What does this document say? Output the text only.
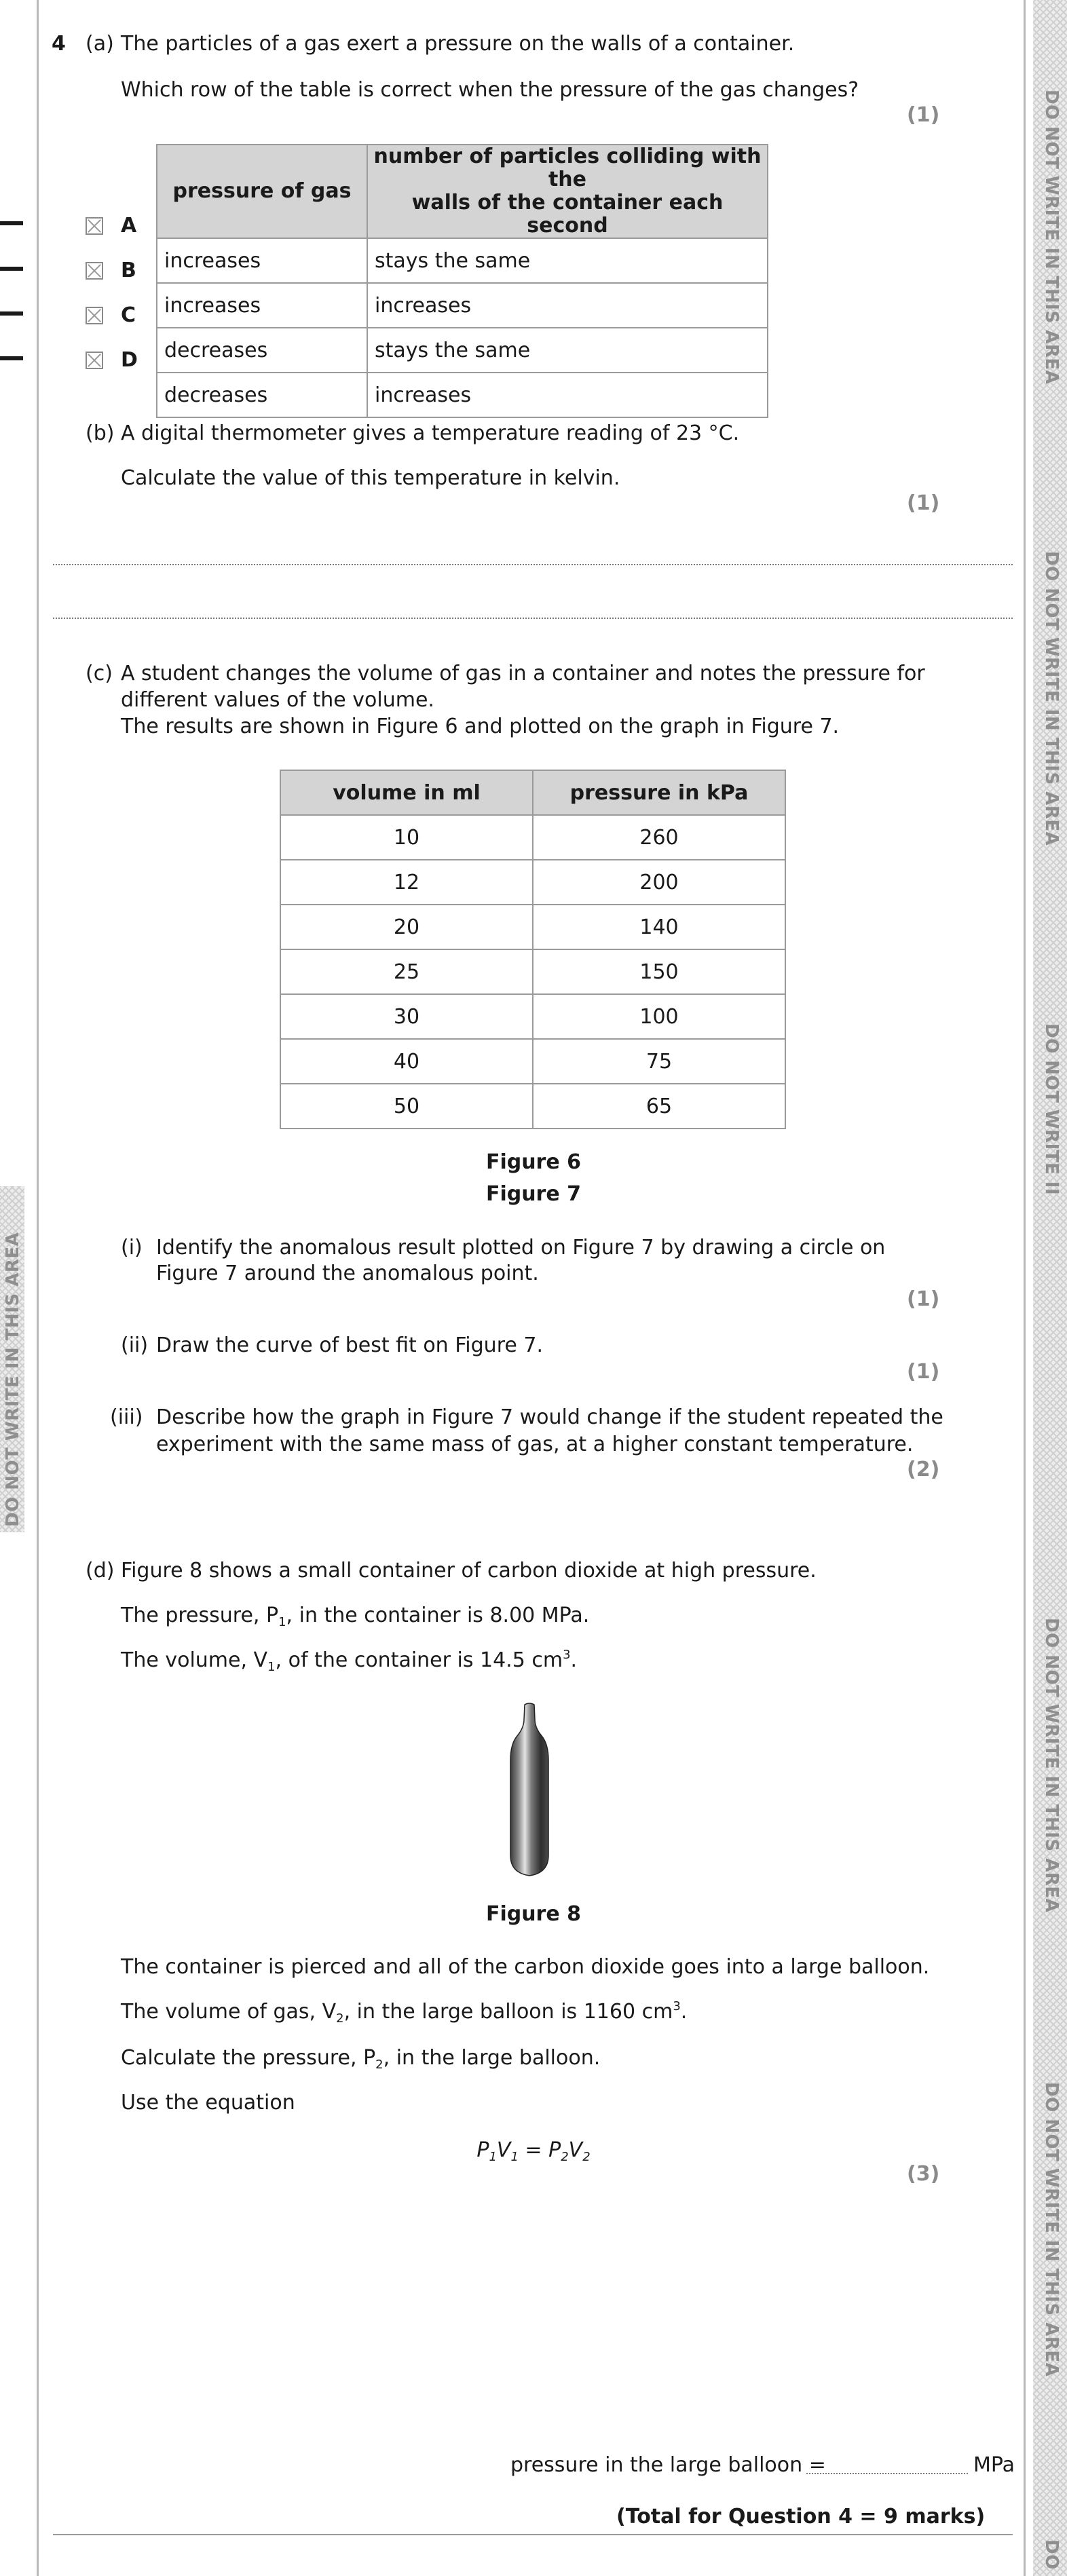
DO NOT WRITE IN THIS AREA
DO NOT WRITE IN THIS AREA
DO NOT WRITE II
DO NOT WRITE IN THIS AREA
DO NOT WRITE IN THIS AREA
DO
DO NOT WRITE IN THIS AREA
4 (a) The particles of a gas exert a pressure on the walls of a container.
Which row of the table is correct when the pressure of the gas changes?
(1)
pressure of gas	number of particles colliding with the
walls of the container each second
increases	stays the same
increases	increases
decreases	stays the same
decreases	increases
A
B
C
D
(b) A digital thermometer gives a temperature reading of 23 °C.
Calculate the value of this temperature in kelvin.
(1)
(c) A student changes the volume of gas in a container and notes the pressure for
different values of the volume.
The results are shown in Figure 6 and plotted on the graph in Figure 7.
volume in ml	pressure in kPa
10	260
12	200
20	140
25	150
30	100
40	75
50	65
Figure 6
Figure 7
(i) Identify the anomalous result plotted on Figure 7 by drawing a circle on
Figure 7 around the anomalous point.
(1)
(ii) Draw the curve of best fit on Figure 7.
(1)
(iii) Describe how the graph in Figure 7 would change if the student repeated the
experiment with the same mass of gas, at a higher constant temperature.
(2)
(d) Figure 8 shows a small container of carbon dioxide at high pressure.
The pressure, $P_1$, in the container is 8.00 MPa.
The volume, $V_1$, of the container is 14.5 $cm^3$.
Figure 8
The container is pierced and all of the carbon dioxide goes into a large balloon.
The volume of gas, $V_2$, in the large balloon is 1160 $cm^3$.
Calculate the pressure, $P_2$, in the large balloon.
Use the equation
$P_1V_1 = P_2V_2$
(3)
pressure in the large balloon =	MPa
(Total for Question 4 = 9 marks)
